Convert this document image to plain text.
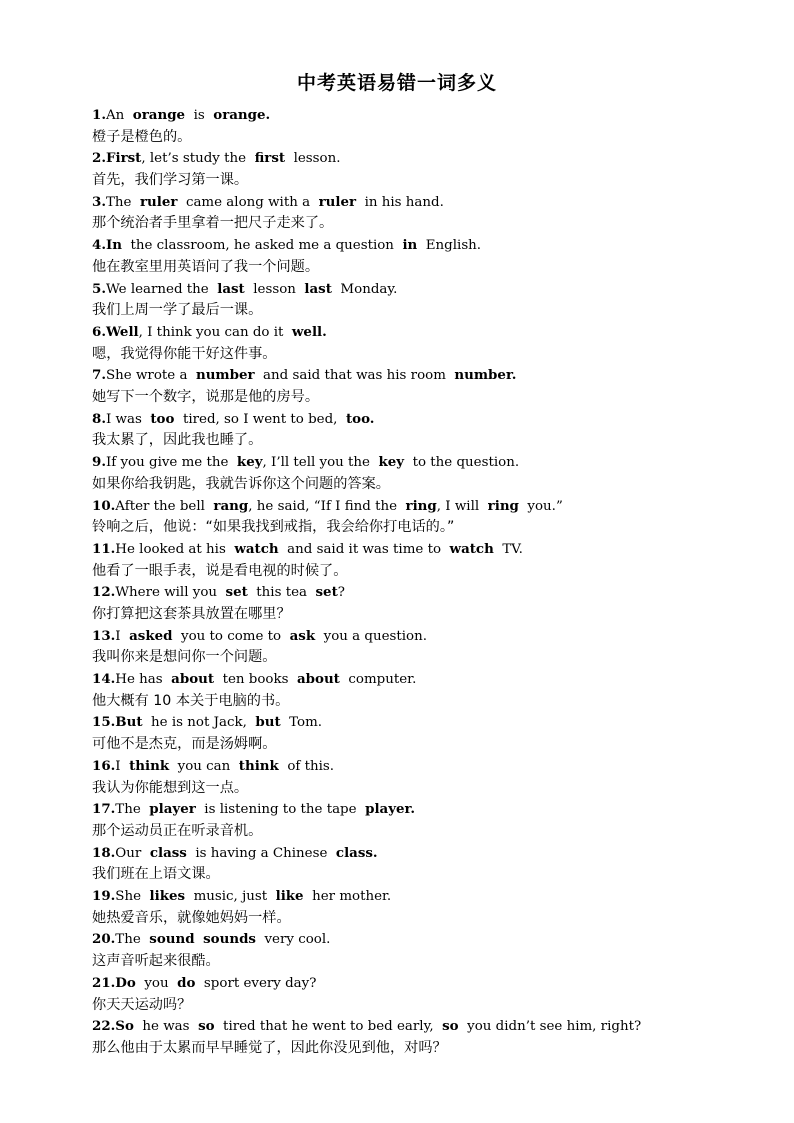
中考英语易错一词多义
1.An  orange  is  orange.
橙子是橙色的。
2.First, let’s study the  first  lesson.
首先，我们学习第一课。
3.The  ruler  came along with a  ruler  in his hand.
那个统治者手里拿着一把尺子走来了。
4.In  the classroom, he asked me a question  in  English.
他在教室里用英语问了我一个问题。
5.We learned the  last  lesson  last  Monday.
我们上周一学了最后一课。
6.Well, I think you can do it  well.
嗯，我觉得你能干好这件事。
7.She wrote a  number  and said that was his room  number.
她写下一个数字，说那是他的房号。
8.I was  too  tired, so I went to bed,  too.
我太累了，因此我也睡了。
9.If you give me the  key, I’ll tell you the  key  to the question.
如果你给我钥匙，我就告诉你这个问题的答案。
10.After the bell  rang, he said, “If I find the  ring, I will  ring  you.”
铃响之后，他说：“如果我找到戒指，我会给你打电话的。”
11.He looked at his  watch  and said it was time to  watch  TV.
他看了一眼手表，说是看电视的时候了。
12.Where will you  set  this tea  set?
你打算把这套茶具放置在哪里？
13.I  asked  you to come to  ask  you a question.
我叫你来是想问你一个问题。
14.He has  about  ten books  about  computer.
他大概有 10 本关于电脑的书。
15.But  he is not Jack,  but  Tom.
可他不是杰克，而是汤姆啊。
16.I  think  you can  think  of this.
我认为你能想到这一点。
17.The  player  is listening to the tape  player.
那个运动员正在听录音机。
18.Our  class  is having a Chinese  class.
我们班在上语文课。
19.She  likes  music, just  like  her mother.
她热爱音乐，就像她妈妈一样。
20.The  sound sounds  very cool.
这声音听起来很酷。
21.Do  you  do  sport every day?
你天天运动吗？
22.So  he was  so  tired that he went to bed early,  so  you didn’t see him, right?
那么他由于太累而早早睡觉了，因此你没见到他，对吗？
